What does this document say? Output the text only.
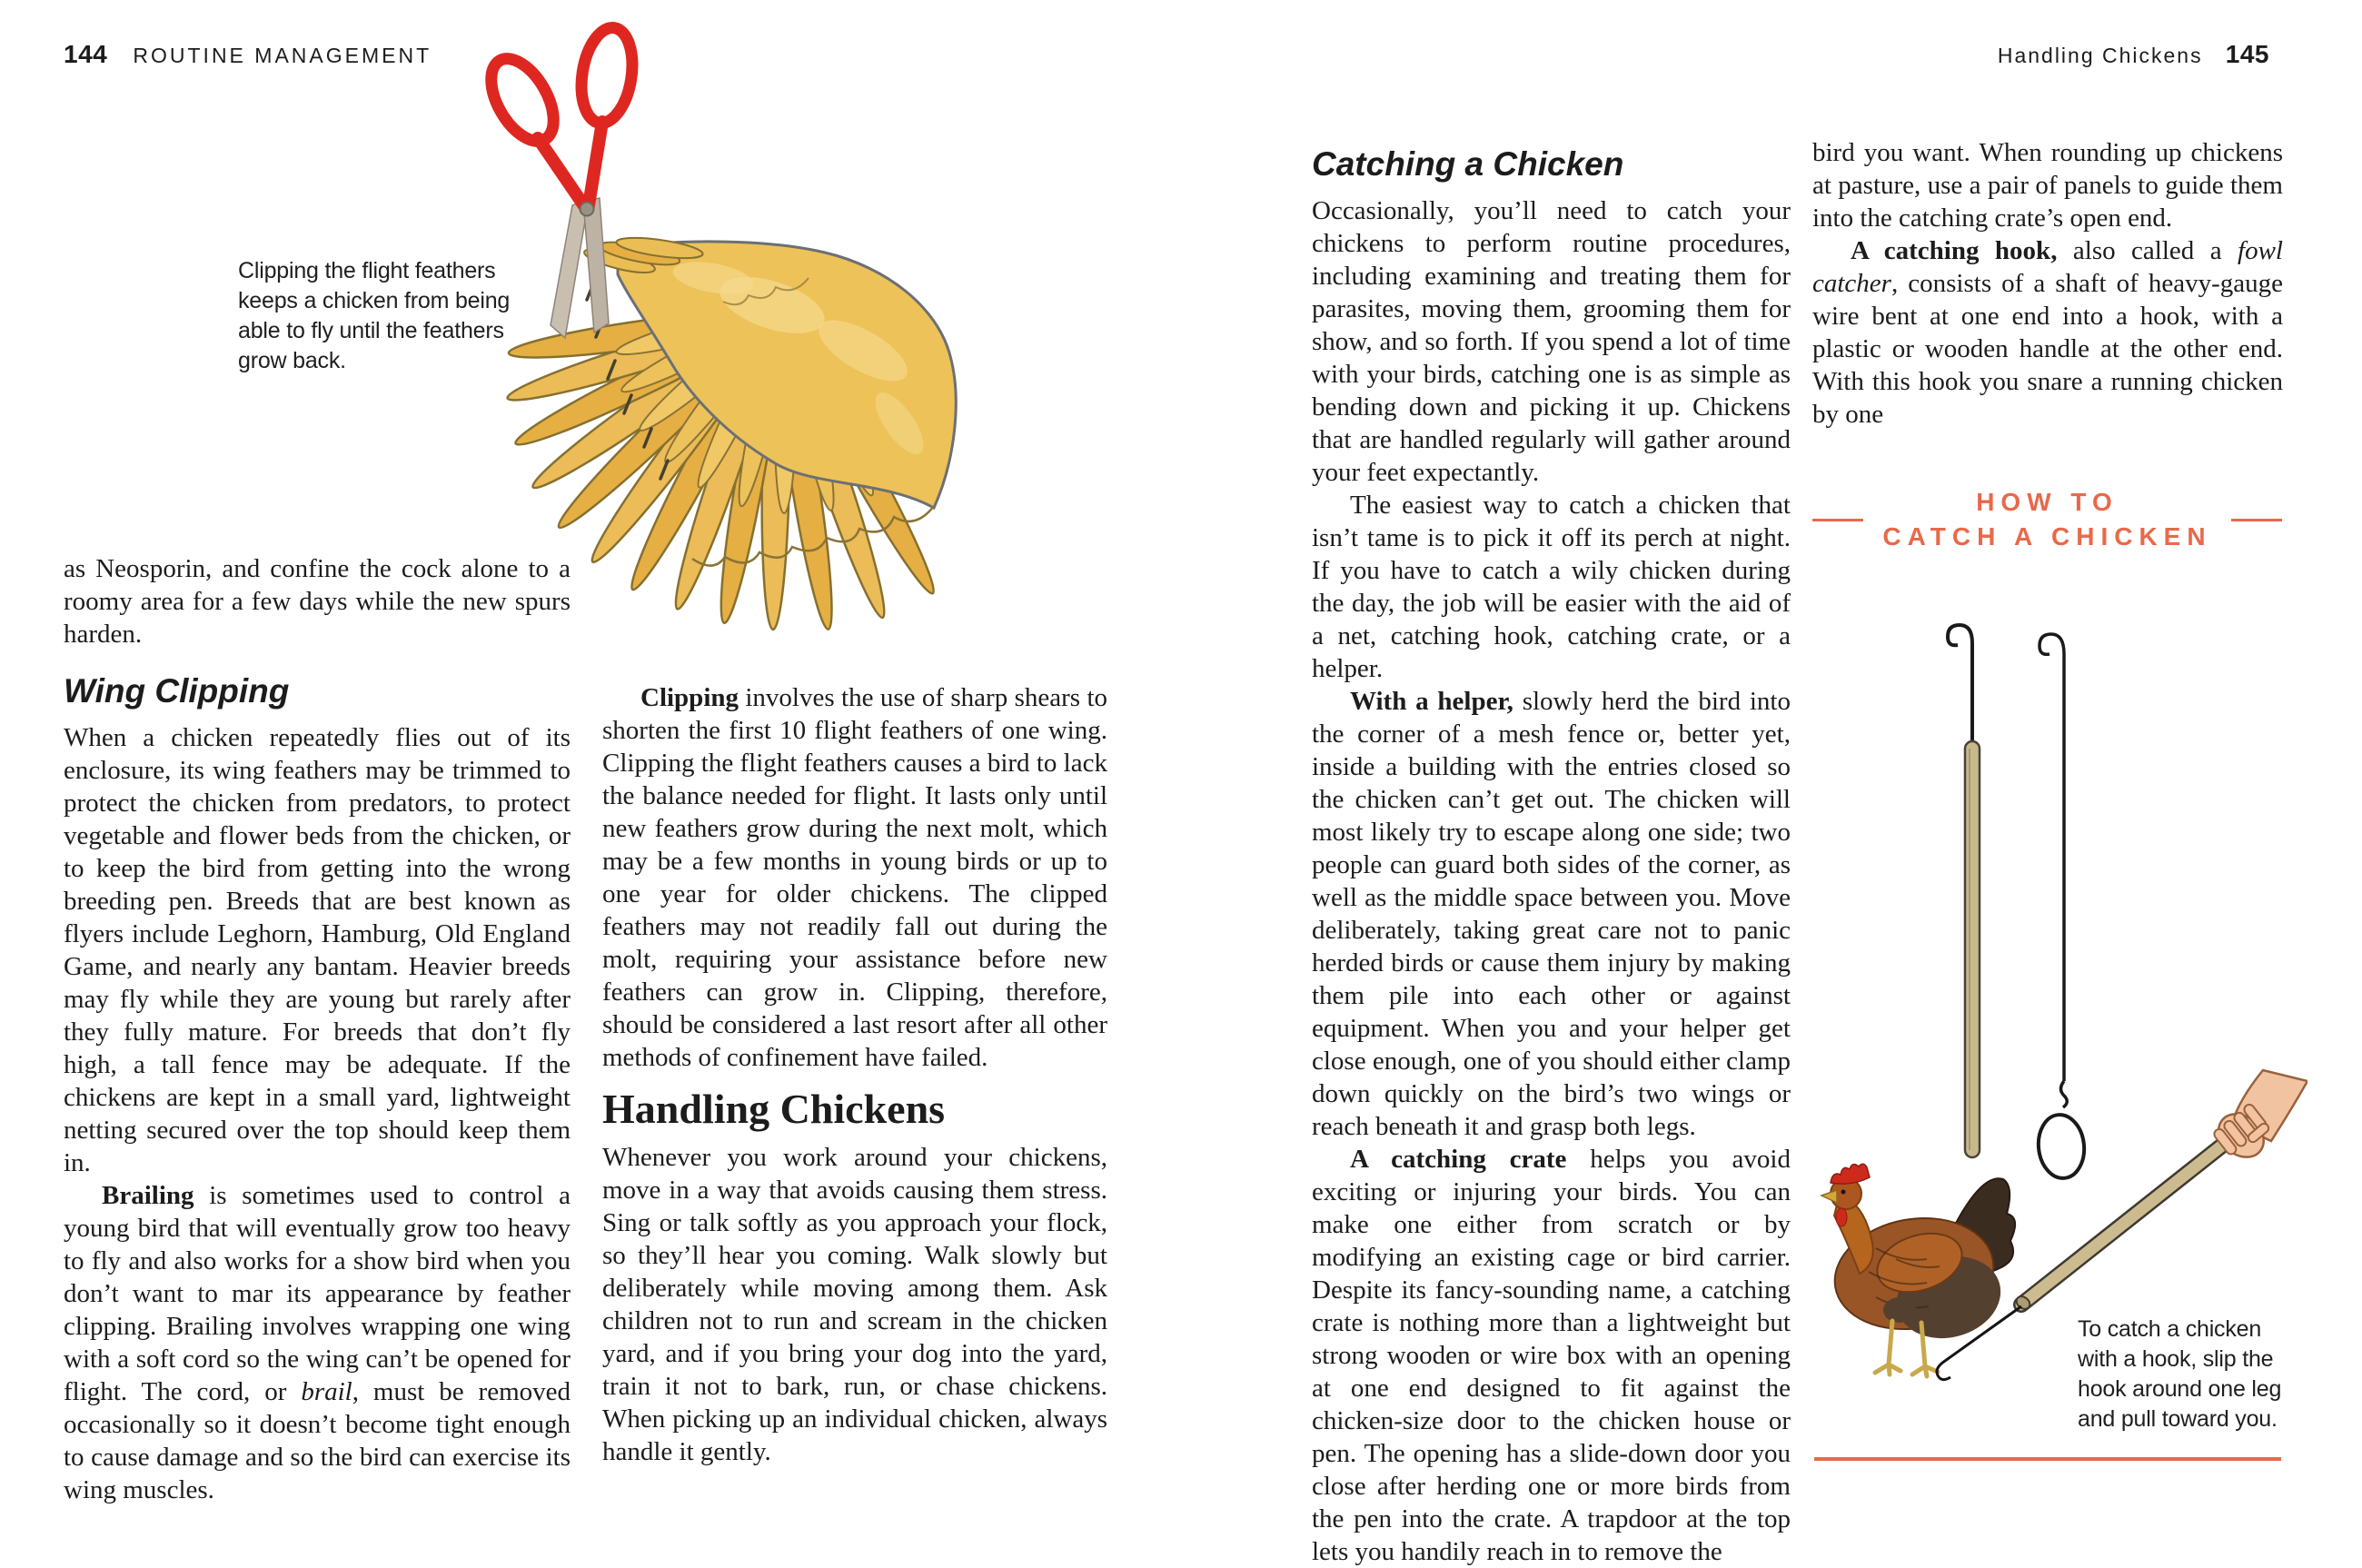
144 ROUTINE MANAGEMENT
Clipping the flight feathers keeps a chicken from being able to fly until the feathers grow back.

as Neosporin, and confine the cock alone to a roomy area for a few days while the new spurs harden.

Wing Clipping

When a chicken repeatedly flies out of its enclosure, its wing feathers may be trimmed to protect the chicken from predators, to protect vegetable and flower beds from the chicken, or to keep the bird from getting into the wrong breeding pen. Breeds that are best known as flyers include Leghorn, Hamburg, Old England Game, and nearly any bantam. Heavier breeds may fly while they are young but rarely after they fully mature. For breeds that don’t fly high, a tall fence may be adequate. If the chickens are kept in a small yard, lightweight netting secured over the top should keep them in.

Brailing is sometimes used to control a young bird that will eventually grow too heavy to fly and also works for a show bird when you don’t want to mar its appearance by feather clipping. Brailing involves wrapping one wing with a soft cord so the wing can’t be opened for flight. The cord, or brail, must be removed occasionally so it doesn’t become tight enough to cause damage and so the bird can exercise its wing muscles.

Clipping involves the use of sharp shears to shorten the first 10 flight feathers of one wing. Clipping the flight feathers causes a bird to lack the balance needed for flight. It lasts only until new feathers grow during the next molt, which may be a few months in young birds or up to one year for older chickens. The clipped feathers may not readily fall out during the molt, requiring your assistance before new feathers can grow in. Clipping, therefore, should be considered a last resort after all other methods of confinement have failed.

Handling Chickens

Whenever you work around your chickens, move in a way that avoids causing them stress. Sing or talk softly as you approach your flock, so they’ll hear you coming. Walk slowly but deliberately while moving among them. Ask children not to run and scream in the chicken yard, and if you bring your dog into the yard, train it not to bark, run, or chase chickens. When picking up an individual chicken, always handle it gently.

Handling Chickens 145
Catching a Chicken

Occasionally, you’ll need to catch your chickens to perform routine procedures, including examining and treating them for parasites, moving them, grooming them for show, and so forth. If you spend a lot of time with your birds, catching one is as simple as bending down and picking it up. Chickens that are handled regularly will gather around your feet expectantly.

The easiest way to catch a chicken that isn’t tame is to pick it off its perch at night. If you have to catch a wily chicken during the day, the job will be easier with the aid of a net, catching hook, catching crate, or a helper.

With a helper, slowly herd the bird into the corner of a mesh fence or, better yet, inside a building with the entries closed so the chicken can’t get out. The chicken will most likely try to escape along one side; two people can guard both sides of the corner, as well as the middle space between you. Move deliberately, taking great care not to panic herded birds or cause them injury by making them pile into each other or against equipment. When you and your helper get close enough, one of you should either clamp down quickly on the bird’s two wings or reach beneath it and grasp both legs.

A catching crate helps you avoid exciting or injuring your birds. You can make one either from scratch or by modifying an existing cage or bird carrier. Despite its fancy-sounding name, a catching crate is nothing more than a lightweight but strong wooden or wire box with an opening at one end designed to fit against the chicken-size door to the chicken house or pen. The opening has a slide-down door you close after herding one or more birds from the pen into the crate. A trapdoor at the top lets you handily reach in to remove the

bird you want. When rounding up chickens at pasture, use a pair of panels to guide them into the catching crate’s open end.

A catching hook, also called a fowl catcher, consists of a shaft of heavy-gauge wire bent at one end into a hook, with a plastic or wooden handle at the other end. With this hook you snare a running chicken by one

HOW TO
CATCH A CHICKEN
To catch a chicken with a hook, slip the hook around one leg and pull toward you.
